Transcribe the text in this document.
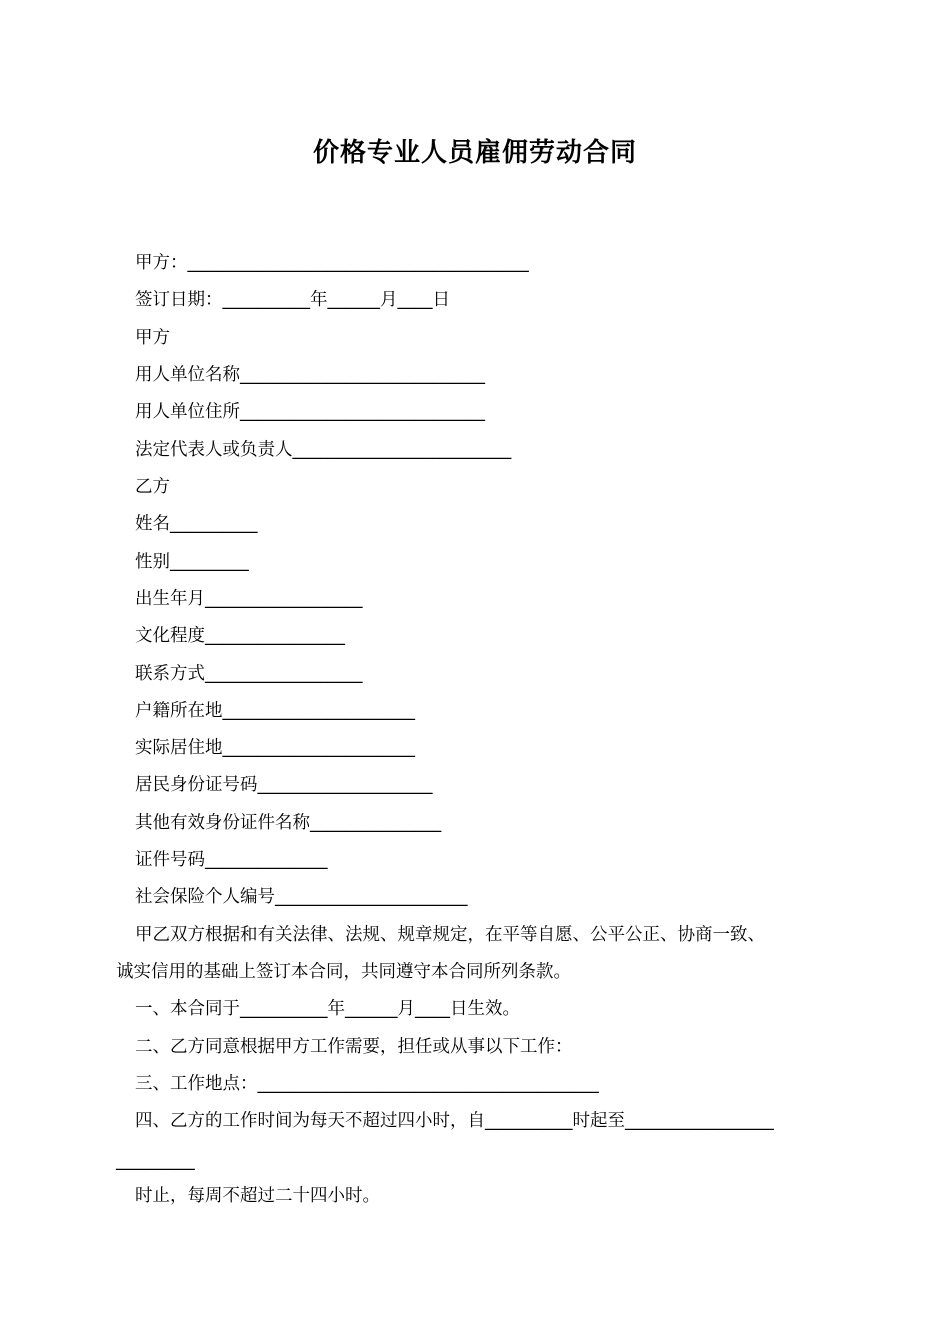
价格专业人员雇佣劳动合同
甲方：_______________________________________
签订日期：__________年______月____日
甲方
用人单位名称____________________________
用人单位住所____________________________
法定代表人或负责人_________________________
乙方
姓名__________
性别_________
出生年月__________________
文化程度________________
联系方式__________________
户籍所在地______________________
实际居住地______________________
居民身份证号码____________________
其他有效身份证件名称_______________
证件号码______________
社会保险个人编号______________________
甲乙双方根据和有关法律、法规、规章规定，在平等自愿、公平公正、协商一致、
诚实信用的基础上签订本合同，共同遵守本合同所列条款。
一、本合同于__________年______月____日生效。
二、乙方同意根据甲方工作需要，担任或从事以下工作：
三、工作地点：_______________________________________
四、乙方的工作时间为每天不超过四小时，自__________时起至_________________
_________
时止，每周不超过二十四小时。
